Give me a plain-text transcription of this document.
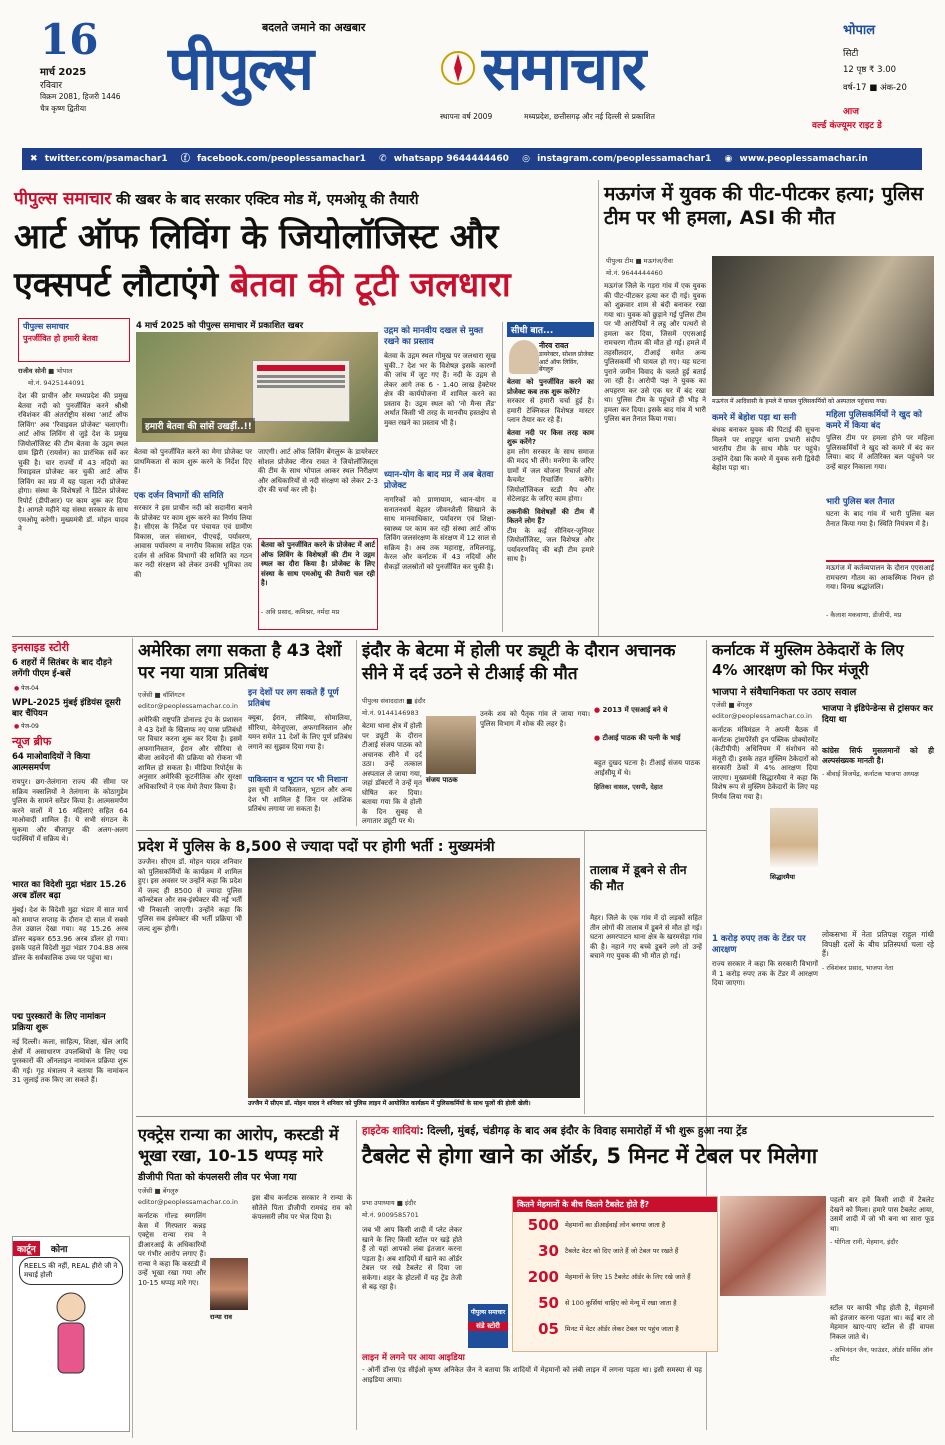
16
मार्च 2025
रविवार
विक्रम 2081, हिजरी 1446
चैत्र कृष्ण द्वितीया
बदलते जमाने का अखबार
पीपुल्स	समाचार
स्थापना वर्ष 2009	मध्यप्रदेश, छत्तीसगढ़ और नई दिल्ली से प्रकाशित
भोपाल
सिटी
12 पृष्ठ ₹ 3.00
वर्ष-17 ■ अंक-20
आज
वर्ल्ड कंज्यूमर राइट डे
✖ twitter.com/psamachar1 ⓕ facebook.com/peoplessamachar1 ✆ whatsapp 9644444460 ◎ instagram.com/peoplessamachar1 ◉ www.peoplessamachar.in
पीपुल्स समाचार की खबर के बाद सरकार एक्टिव मोड में, एमओयू की तैयारी
आर्ट ऑफ लिविंग के जियोलॉजिस्ट और
एक्सपर्ट लौटाएंगे बेतवा की टूटी जलधारा
पीपुल्स समाचार
पुनर्जीवित हो हमारी बेतवा
राजीव सोनी ■ भोपाल
मो.नं. 9425144091
देश की प्राचीन और मध्यप्रदेश की प्रमुख बेतवा नदी को पुनर्जीवित करने श्रीश्री रविशंकर की अंतर्राष्ट्रीय संस्था 'आर्ट ऑफ लिविंग' अब 'रिवाइवल प्रोजेक्ट' चलाएगी। आर्ट ऑफ लिविंग से जुड़े देश के प्रमुख जियोलॉजिस्ट की टीम बेतवा के उद्गम स्थल ग्राम झिरी (रायसेन) का प्रारंभिक सर्वे कर चुकी है। चार राज्यों में 43 नदियों का रिवाइवल प्रोजेक्ट कर चुकी आर्ट ऑफ लिविंग का मप्र में यह पहला नदी प्रोजेक्ट होगा। संस्था के विशेषज्ञों ने डिटेल प्रोजेक्ट रिपोर्ट (डीपीआर) पर काम शुरू कर दिया है। आगले महीने यह संस्था सरकार के साथ एमओयू करेगी। मुख्यमंत्री डॉ. मोहन यादव ने
हमारी बेतवा की सांसें उखड़ीं..!!
4 मार्च 2025 को पीपुल्स समाचार में प्रकाशित खबर
बेतवा को पुनर्जीवित करने का मेगा प्रोजेक्ट पर प्राथमिकता से काम शुरू करने के निर्देश दिए हैं।
एक दर्जन विभागों की समिति
सरकार ने इस प्राचीन नदी को सदानीरा बनाने के प्रोजेक्ट पर काम शुरू करने का निर्णय लिया है। सीएस के निर्देश पर पंचायत एवं ग्रामीण विकास, जल संसाधन, पीएचई, पर्यावरण, आवास पर्यावरण व नगरीय विकास सहित एक दर्जन से अधिक विभागों की समिति का गठन कर नदी संरक्षण को लेकर उनकी भूमिका तय की
जाएगी। आर्ट ऑफ लिविंग बेंगलुरू के डायरेक्टर सोशल प्रोजेक्ट नीरव रावत ने जियोलॉजिस्ट्स की टीम के साथ भोपाल आकर स्थल निरीक्षण और अधिकारियों से नदी संरक्षण को लेकर 2-3 दौर की चर्चा कर ली है।
बेतवा को पुनर्जीवित करने के प्रोजेक्ट में आर्ट ऑफ लिविंग के विशेषज्ञों की टीम ने उद्गम स्थल का दौरा किया है। प्रोजेक्ट के लिए संस्था के साथ एमओयू की तैयारी चल रही है।
- अवि प्रसाद, कमिश्नर, नर्मदा मप्र
उद्गम को मानवीय दखल से मुक्त रखने का प्रस्ताव
बेतवा के उद्गम स्थल गोमुख पर जलधारा सूख चुकी..? देश भर के विशेषज्ञ इसके कारणों की जांच में जुट गए हैं। नदी के उद्गम से लेकर आगे तक 6 - 1.40 लाख हेक्टेयर क्षेत्र की कार्ययोजना में शामिल करने का प्रस्ताव है। उद्गम स्थल को 'नो मैन्स लैंड' अर्थात किसी भी तरह के मानवीय हस्तक्षेप से मुक्त रखने का प्रस्ताव भी है।
ध्यान-योग के बाद मप्र में अब बेतवा प्रोजेक्ट
नागरिकों को प्राणायाम, ध्यान-योग व सनातनधर्म बेहतर जीवनशैली सिखाने के साथ मानवाधिकार, पर्यावरण एवं शिक्षा-स्वास्थ्य पर काम कर रही संस्था आर्ट ऑफ लिविंग जलसंरक्षण के संरक्षण में 12 साल से सक्रिय है। अब तक महाराष्ट्र, तमिलनाडु, केरल और कर्नाटक में 43 नदियों और सैकड़ों जलस्रोतों को पुनर्जीवित कर चुकी है।
सीधी बात...
नीरव रावत
डायरेक्टर, सोशल प्रोजेक्ट आर्ट ऑफ लिविंग, बेंगलुरु
बेतवा को पुनर्जीवित करने का प्रोजेक्ट कब तक शुरू करेंगे?
सरकार से हमारी चर्चा हुई है। हमारी टेक्निकल विशेषज्ञ मास्टर प्लान तैयार कर रहे हैं।
बेतवा नदी पर किस तरह काम शुरू करेंगे?
हम लोग सरकार के साथ समाज की मदद भी लेंगे। मनरेगा के जरिए ग्रामों में जल योजना रिचार्ज और कैचमेंट रिचार्जिंग करेंगे। जियोलॉजिकल स्टडी मैप और सेटेलाइट के जरिए काम होगा।
तकनीकी विशेषज्ञों की टीम में कितने लोग हैं?
टीम के कई सीनियर-जूनियर जियोलॉजिस्ट, जल विशेषज्ञ और पर्यावरणविद् की बड़ी टीम हमारे साथ है।
मऊगंज में युवक की पीट-पीटकर हत्या; पुलिस टीम पर भी हमला, ASI की मौत
पीपुल्स टीम ■ मऊगंज/रीवा
मो.नं. 9644444460
मऊगंज जिले के गड़रा गांव में एक युवक की पीट-पीटकर हत्या कर दी गई। युवक को शुक्रवार शाम से बंदी बनाकर रखा गया था। युवक को छुड़ाने गई पुलिस टीम पर भी आरोपियों ने लट्ठ और पत्थरों से हमला कर दिया, जिसमें एएसआई रामचरण गौतम की मौत हो गई। हमले में तहसीलदार, टीआई समेत अन्य पुलिसकर्मी भी घायल हो गए। यह घटना पुराने जमीन विवाद के चलते हुई बताई जा रही है। आरोपी पक्ष ने युवक का अपहरण कर उसे एक घर में बंद रखा था। पुलिस टीम के पहुंचते ही भीड़ ने हमला कर दिया। इसके बाद गांव में भारी पुलिस बल तैनात किया गया।
मऊगंज में आदिवासी के हमले में घायल पुलिसकर्मियों को अस्पताल पहुंचाया गया।
कमरे में बेहोश पड़ा था सनी
बंधक बनाकर युवक की पिटाई की सूचना मिलने पर शाहपुर थाना प्रभारी संदीप भारतीय टीम के साथ मौके पर पहुंचे। उन्होंने देखा कि कमरे में युवक सनी द्विवेदी बेहोश पड़ा था।
महिला पुलिसकर्मियों ने खुद को कमरे में किया बंद
पुलिस टीम पर हमला होने पर महिला पुलिसकर्मियों ने खुद को कमरे में बंद कर लिया। बाद में अतिरिक्त बल पहुंचने पर उन्हें बाहर निकाला गया।
भारी पुलिस बल तैनात
घटना के बाद गांव में भारी पुलिस बल तैनात किया गया है। स्थिति नियंत्रण में है।
मऊगंज में कर्तव्यपालन के दौरान एएसआई रामचरण गौतम का आकस्मिक निधन हो गया। विनम्र श्रद्धांजलि।
- कैलाश मकवाणा, डीजीपी, मप्र
इनसाइड स्टोरी
6 शहरों में सितंबर के बाद दौड़ने लगेंगी पीएम ई-बसें
● पेज-04
WPL-2025 मुंबई इंडियंस दूसरी बार चैंपियन
● पेज-09
न्यूज ब्रीफ
64 माओवादियों ने किया आत्मसमर्पण
रायपुर। छग-तेलंगाना राज्य की सीमा पर सक्रिय नक्सलियों ने तेलंगाना के कोठागुडेम पुलिस के सामने सरेंडर किया है। आत्मसमर्पण करने वालों में 16 महिलाएं सहित 64 माओवादी शामिल हैं। ये सभी संगठन के सुकमा और बीजापुर की अलग-अलग पदस्थियों में सक्रिय थे।
भारत का विदेशी मुद्रा भंडार 15.26 अरब डॉलर बढ़ा
मुंबई। देश के विदेशी मुद्रा भंडार में सात मार्च को समाप्त सप्ताह के दौरान दो साल में सबसे तेज उछाल देखा गया। यह 15.26 अरब डॉलर बढ़कर 653.96 अरब डॉलर हो गया। इसके पहले विदेशी मुद्रा भंडार 704.88 अरब डॉलर के सर्वकालिक उच्च पर पहुंचा था।
पद्म पुरस्कारों के लिए नामांकन प्रक्रिया शुरू
नई दिल्ली। कला, साहित्य, शिक्षा, खेल आदि क्षेत्रों में असाधारण उपलब्धियों के लिए पद्म पुरस्कारों की ऑनलाइन नामांकन प्रक्रिया शुरू की गई। गृह मंत्रालय ने बताया कि नामांकन 31 जुलाई तक किए जा सकते हैं।
कार्टून कोना
REELS की नहीं, REAL हीरो जी ने मचाई होली
अमेरिका लगा सकता है 43 देशों पर नया यात्रा प्रतिबंध
एजेंसी ■ वॉशिंगटन
editor@peoplessamachar.co.in
अमेरिकी राष्ट्रपति डोनाल्ड ट्रंप के प्रशासन ने 43 देशों के खिलाफ नए यात्रा प्रतिबंधों पर विचार करना शुरू कर दिया है। इसमें अफगानिस्तान, ईरान और सीरिया से बीजा आवेदनों की प्रक्रिया को रोकना भी शामिल हो सकता है। मीडिया रिपोर्ट्स के अनुसार अमेरिकी कूटनीतिक और सुरक्षा अधिकारियों ने एक मेमो तैयार किया है।
इन देशों पर लग सकते हैं पूर्ण प्रतिबंध
क्यूबा, ईरान, लीबिया, सोमालिया, सीरिया, वेनेजुएला, अफगानिस्तान और यमन समेत 11 देशों के लिए पूर्ण प्रतिबंध लगाने का सुझाव दिया गया है।
पाकिस्तान व भूटान पर भी निशाना
इस सूची में पाकिस्तान, भूटान और अन्य देश भी शामिल हैं जिन पर आंशिक प्रतिबंध लगाया जा सकता है।
इंदौर के बेटमा में होली पर ड्यूटी के दौरान अचानक सीने में दर्द उठने से टीआई की मौत
पीपुल्स संवाददाता ■ इंदौर
मो.नं. 9144146983
बेटमा थाना क्षेत्र में होली पर ड्यूटी के दौरान टीआई संजय पाठक को अचानक सीने में दर्द उठा। उन्हें तत्काल अस्पताल ले जाया गया, जहां डॉक्टरों ने उन्हें मृत घोषित कर दिया। बताया गया कि वे होली के दिन सुबह से लगातार ड्यूटी पर थे।
संजय पाठक
उनके शव को पैतृक गांव ले जाया गया। पुलिस विभाग में शोक की लहर है।
● 2013 में एसआई बने थे
● टीआई पाठक की पत्नी के भाई
बहुत दुखद घटना है। टीआई संजय पाठक आईसीयू में थे।
हितिका वासल, एसपी, देहात
कर्नाटक में मुस्लिम ठेकेदारों के लिए 4% आरक्षण को फिर मंजूरी
भाजपा ने संवैधानिकता पर उठाए सवाल
एजेंसी ■ बेंगलुरु
editor@peoplessamachar.co.in
भाजपा ने इंडिपेन्डेन्स से ट्रांसफर कर दिया था
सिद्धारमैया
कर्नाटक मंत्रिमंडल ने अपनी बैठक में कर्नाटक ट्रांसपेरेंसी इन पब्लिक प्रोक्योरमेंट (केटीपीपी) अधिनियम में संशोधन को मंजूरी दी। इसके तहत मुस्लिम ठेकेदारों को सरकारी ठेकों में 4% आरक्षण दिया जाएगा। मुख्यमंत्री सिद्धारमैया ने कहा कि विशेष रूप से मुस्लिम ठेकेदारों के लिए यह निर्णय लिया गया है।
कांग्रेस सिर्फ मुसलमानों को ही अल्पसंख्यक मानती है।
- बीवाई विजयेंद्र, कर्नाटक भाजपा अध्यक्ष
1 करोड़ रुपए तक के टेंडर पर आरक्षण
राज्य सरकार ने कहा कि सरकारी विभागों में 1 करोड़ रुपए तक के टेंडर में आरक्षण दिया जाएगा।
लोकसभा में नेता प्रतिपक्ष राहुल गांधी विपक्षी दलों के बीच प्रतिस्पर्धा चला रहे हैं।
- रविशंकर प्रसाद, भाजपा नेता
प्रदेश में पुलिस के 8,500 से ज्यादा पदों पर होगी भर्ती : मुख्यमंत्री
उज्जैन। सीएम डॉ. मोहन यादव शनिवार को पुलिसकर्मियों के कार्यक्रम में शामिल हुए। इस अवसर पर उन्होंने कहा कि प्रदेश में जल्द ही 8500 से ज्यादा पुलिस कॉन्स्टेबल और सब-इंस्पेक्टर की नई भर्ती भी निकाली जाएगी। उन्होंने कहा कि पुलिस सब इंस्पेक्टर की भर्ती प्रक्रिया भी जल्द शुरू होगी।
उज्जैन में सीएम डॉ. मोहन यादव ने शनिवार को पुलिस लाइन में आयोजित कार्यक्रम में पुलिसकर्मियों के साथ फूलों की होली खेली।
तालाब में डूबने से तीन की मौत
मैहर। जिले के एक गांव में दो लड़कों सहित तीन लोगों की तालाब में डूबने से मौत हो गई। घटना अमरपाटन थाना क्षेत्र के खरमसेड़ा गांव की है। नहाने गए बच्चे डूबने लगे तो उन्हें बचाने गए युवक की भी मौत हो गई।
एक्ट्रेस रान्या का आरोप, कस्टडी में भूखा रखा, 10-15 थप्पड़ मारे
डीजीपी पिता को कंपलसरी लीव पर भेजा गया
एजेंसी ■ बेंगलुरु
editor@peoplessamachar.co.in
कर्नाटक गोल्ड स्मगलिंग केस में गिरफ्तार कन्नड़ एक्ट्रेस रान्या राव ने डीआरआई के अधिकारियों पर गंभीर आरोप लगाए हैं। रान्या ने कहा कि कस्टडी में उन्हें भूखा रखा गया और 10-15 थप्पड़ मारे गए।
रान्या राव
इस बीच कर्नाटक सरकार ने रान्या के सौतेले पिता डीजीपी रामचंद्र राव को कंपलसरी लीव पर भेज दिया है।
हाइटेक शादियां: दिल्ली, मुंबई, चंडीगढ़ के बाद अब इंदौर के विवाह समारोहों में भी शुरू हुआ नया ट्रेंड
टैबलेट से होगा खाने का ऑर्डर, 5 मिनट में टेबल पर मिलेगा
प्रभा उपाध्याय ■ इंदौर
मो.नं. 9009585701
जब भी आप किसी शादी में प्लेट लेकर खाने के लिए किसी स्टॉल पर खड़े होते हैं तो यहां आपको लंबा इंतजार करना पड़ता है। अब शादियों में खाने का ऑर्डर टेबल पर रखे टैबलेट से दिया जा सकेगा। शहर के होटलों में यह ट्रेंड तेजी से बढ़ रहा है।
पीपुल्स समाचार
संडे स्टोरी
कितने मेहमानों के बीच कितने टैबलेट होते हैं?
500 मेहमानों का डीआईवाई लोन बनाया जाता है
30 टैबलेट वेटर को दिए जाते हैं जो टेबल पर रखते हैं
200 मेहमानों के लिए 15 टैबलेट ऑर्डर के लिए रखे जाते हैं
50 से 100 कुर्सियां चाहिए को मेन्यू में रखा जाता है
05 मिनट में वेटर ऑर्डर लेकर टेबल पर पहुंच जाता है
लाइन में लगने पर आया आइडिया
- ओर्नी डॉन्स एंड सीईओ कृष्ण अनिकेत जैन ने बताया कि शादियों में मेहमानों को लंबी लाइन में लगना पड़ता था। इसी समस्या से यह आइडिया आया।
पहली बार हमें किसी शादी में टैबलेट देखने को मिला। हमारे पास टैबलेट आया, उसमें शादी में जो भी बना था सारा फूड था।
- योगिता रानी, मेहमान, इंदौर
स्टॉल पर काफी भीड़ होती है, मेहमानों को इंतजार करना पड़ता था। कई बार तो मेहमान खाए-पाए स्टॉल से ही वापस निकल जाते थे।
- अभिनंदन जैन, फाउंडर, ऑर्डर सर्विस ऑन सीट
